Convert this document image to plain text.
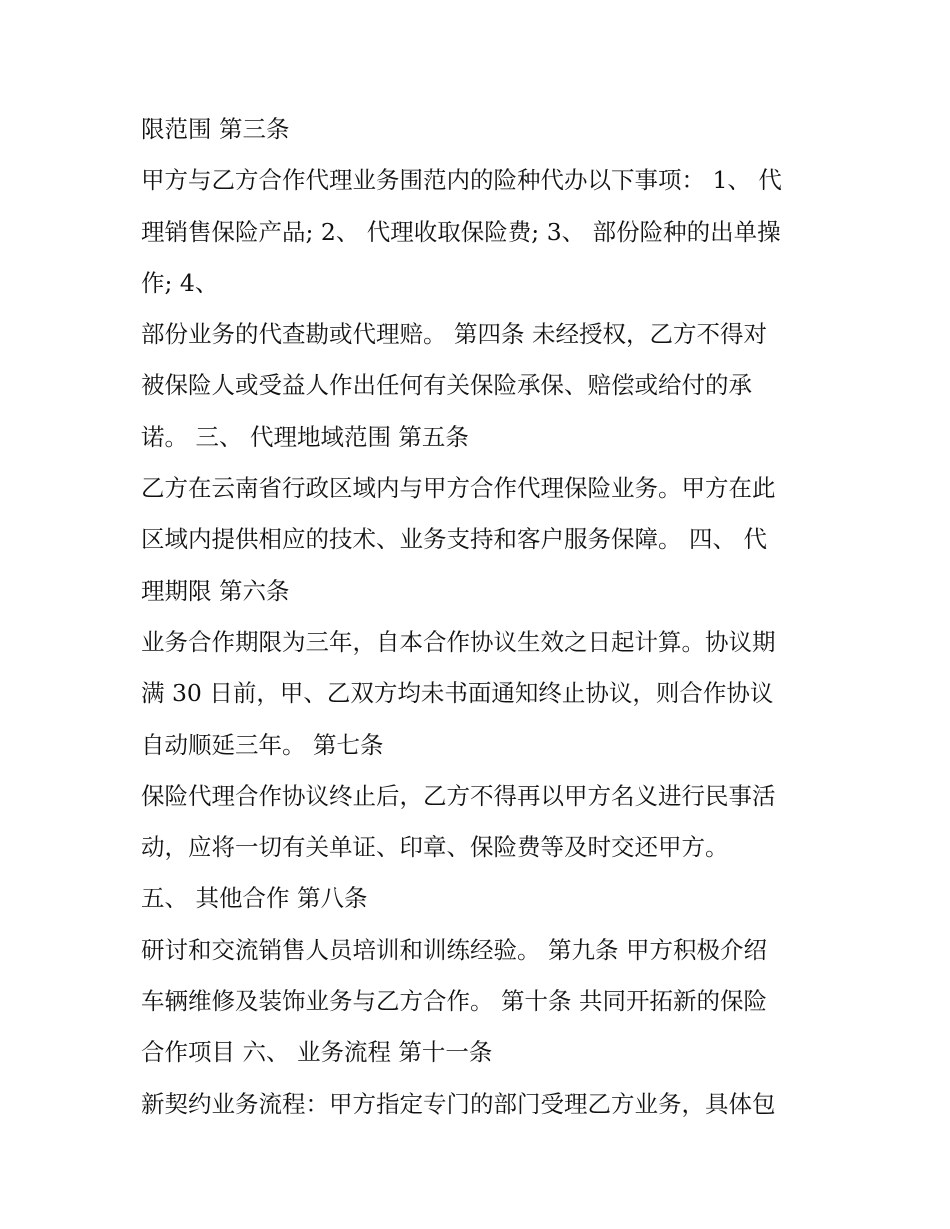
限范围 第三条
甲方与乙方合作代理业务围范内的险种代办以下事项： 1、 代
理销售保险产品; 2、 代理收取保险费; 3、 部份险种的出单操
作; 4、
部份业务的代查勘或代理赔。 第四条 未经授权，乙方不得对
被保险人或受益人作出任何有关保险承保、赔偿或给付的承
诺。 三、 代理地域范围 第五条
乙方在云南省行政区域内与甲方合作代理保险业务。甲方在此
区域内提供相应的技术、业务支持和客户服务保障。 四、 代
理期限 第六条
业务合作期限为三年，自本合作协议生效之日起计算。协议期
满 30 日前，甲、乙双方均未书面通知终止协议，则合作协议
自动顺延三年。 第七条
保险代理合作协议终止后，乙方不得再以甲方名义进行民事活
动，应将一切有关单证、印章、保险费等及时交还甲方。
五、 其他合作 第八条
研讨和交流销售人员培训和训练经验。 第九条 甲方积极介绍
车辆维修及装饰业务与乙方合作。 第十条 共同开拓新的保险
合作项目 六、 业务流程 第十一条
新契约业务流程：甲方指定专门的部门受理乙方业务，具体包
